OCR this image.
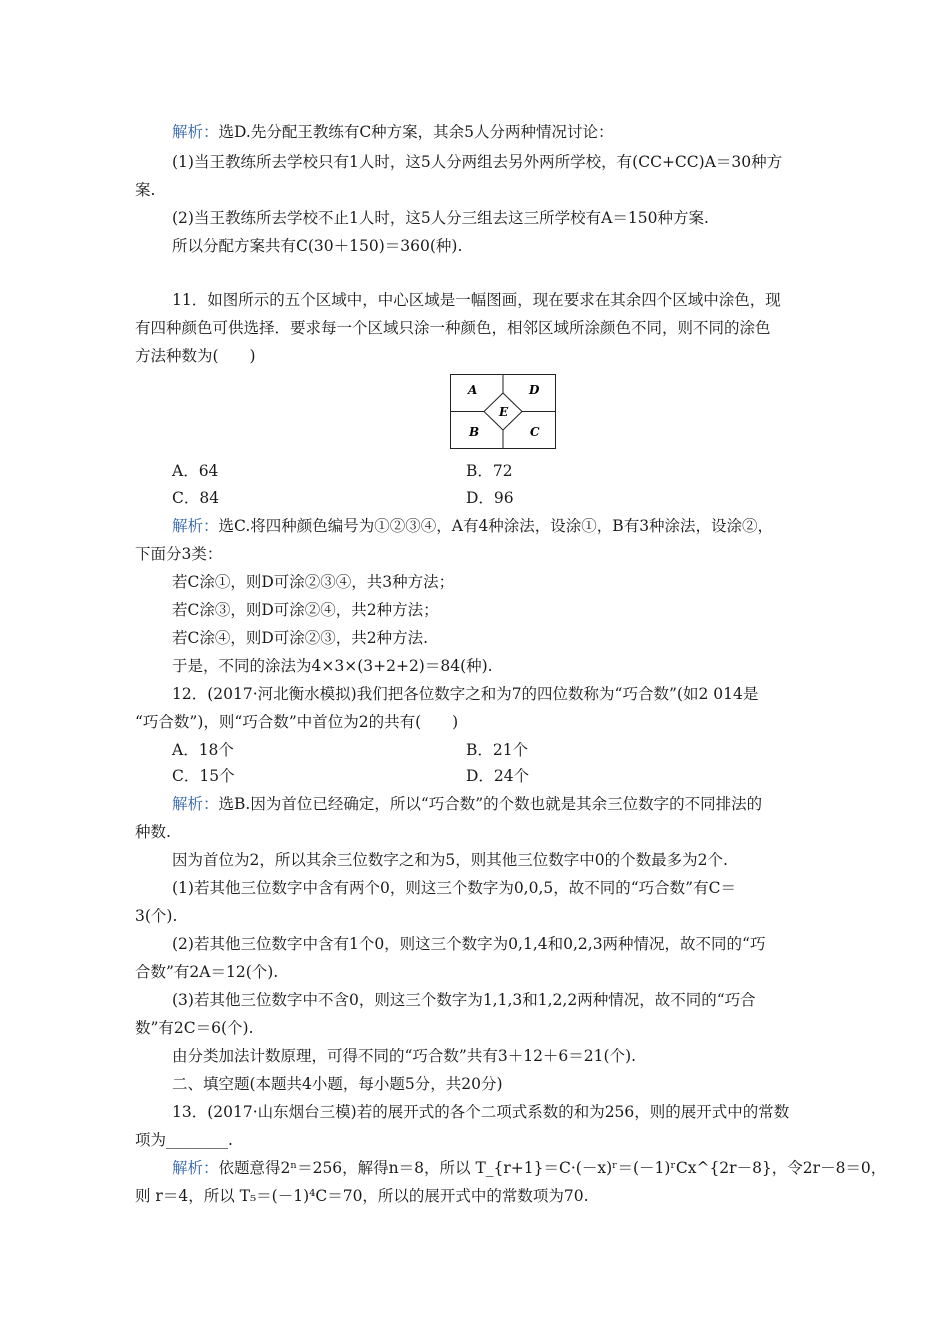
解析：选D.先分配王教练有C种方案，其余5人分两种情况讨论：
(1)当王教练所去学校只有1人时，这5人分两组去另外两所学校，有(CC+CC)A＝30种方
案.
(2)当王教练所去学校不止1人时，这5人分三组去这三所学校有A＝150种方案.
所以分配方案共有C(30＋150)＝360(种).
11．如图所示的五个区域中，中心区域是一幅图画，现在要求在其余四个区域中涂色，现
有四种颜色可供选择．要求每一个区域只涂一种颜色，相邻区域所涂颜色不同，则不同的涂色
方法种数为(　　)
A	D
E
B	C
A．64	B．72
C．84	D．96
解析：选C.将四种颜色编号为①②③④，A有4种涂法，设涂①，B有3种涂法，设涂②，
下面分3类：
若C涂①，则D可涂②③④，共3种方法；
若C涂③，则D可涂②④，共2种方法；
若C涂④，则D可涂②③，共2种方法.
于是，不同的涂法为4×3×(3+2+2)＝84(种).
12．(2017·河北衡水模拟)我们把各位数字之和为7的四位数称为“巧合数”(如2 014是
“巧合数”)，则“巧合数”中首位为2的共有(　　)
A．18个	B．21个
C．15个	D．24个
解析：选B.因为首位已经确定，所以“巧合数”的个数也就是其余三位数字的不同排法的
种数.
因为首位为2，所以其余三位数字之和为5，则其他三位数字中0的个数最多为2个.
(1)若其他三位数字中含有两个0，则这三个数字为0,0,5，故不同的“巧合数”有C＝
3(个).
(2)若其他三位数字中含有1个0，则这三个数字为0,1,4和0,2,3两种情况，故不同的“巧
合数”有2A＝12(个).
(3)若其他三位数字中不含0，则这三个数字为1,1,3和1,2,2两种情况，故不同的“巧合
数”有2C＝6(个).
由分类加法计数原理，可得不同的“巧合数”共有3＋12＋6＝21(个).
二、填空题(本题共4小题，每小题5分，共20分)
13．(2017·山东烟台三模)若的展开式的各个二项式系数的和为256，则的展开式中的常数
项为________.
解析：依题意得2ⁿ＝256，解得n＝8，所以 T_{r+1}＝C·(－x)ʳ＝(－1)ʳCx^{2r－8}，令2r－8＝0，
则 r＝4，所以 T₅＝(－1)⁴C＝70，所以的展开式中的常数项为70.
